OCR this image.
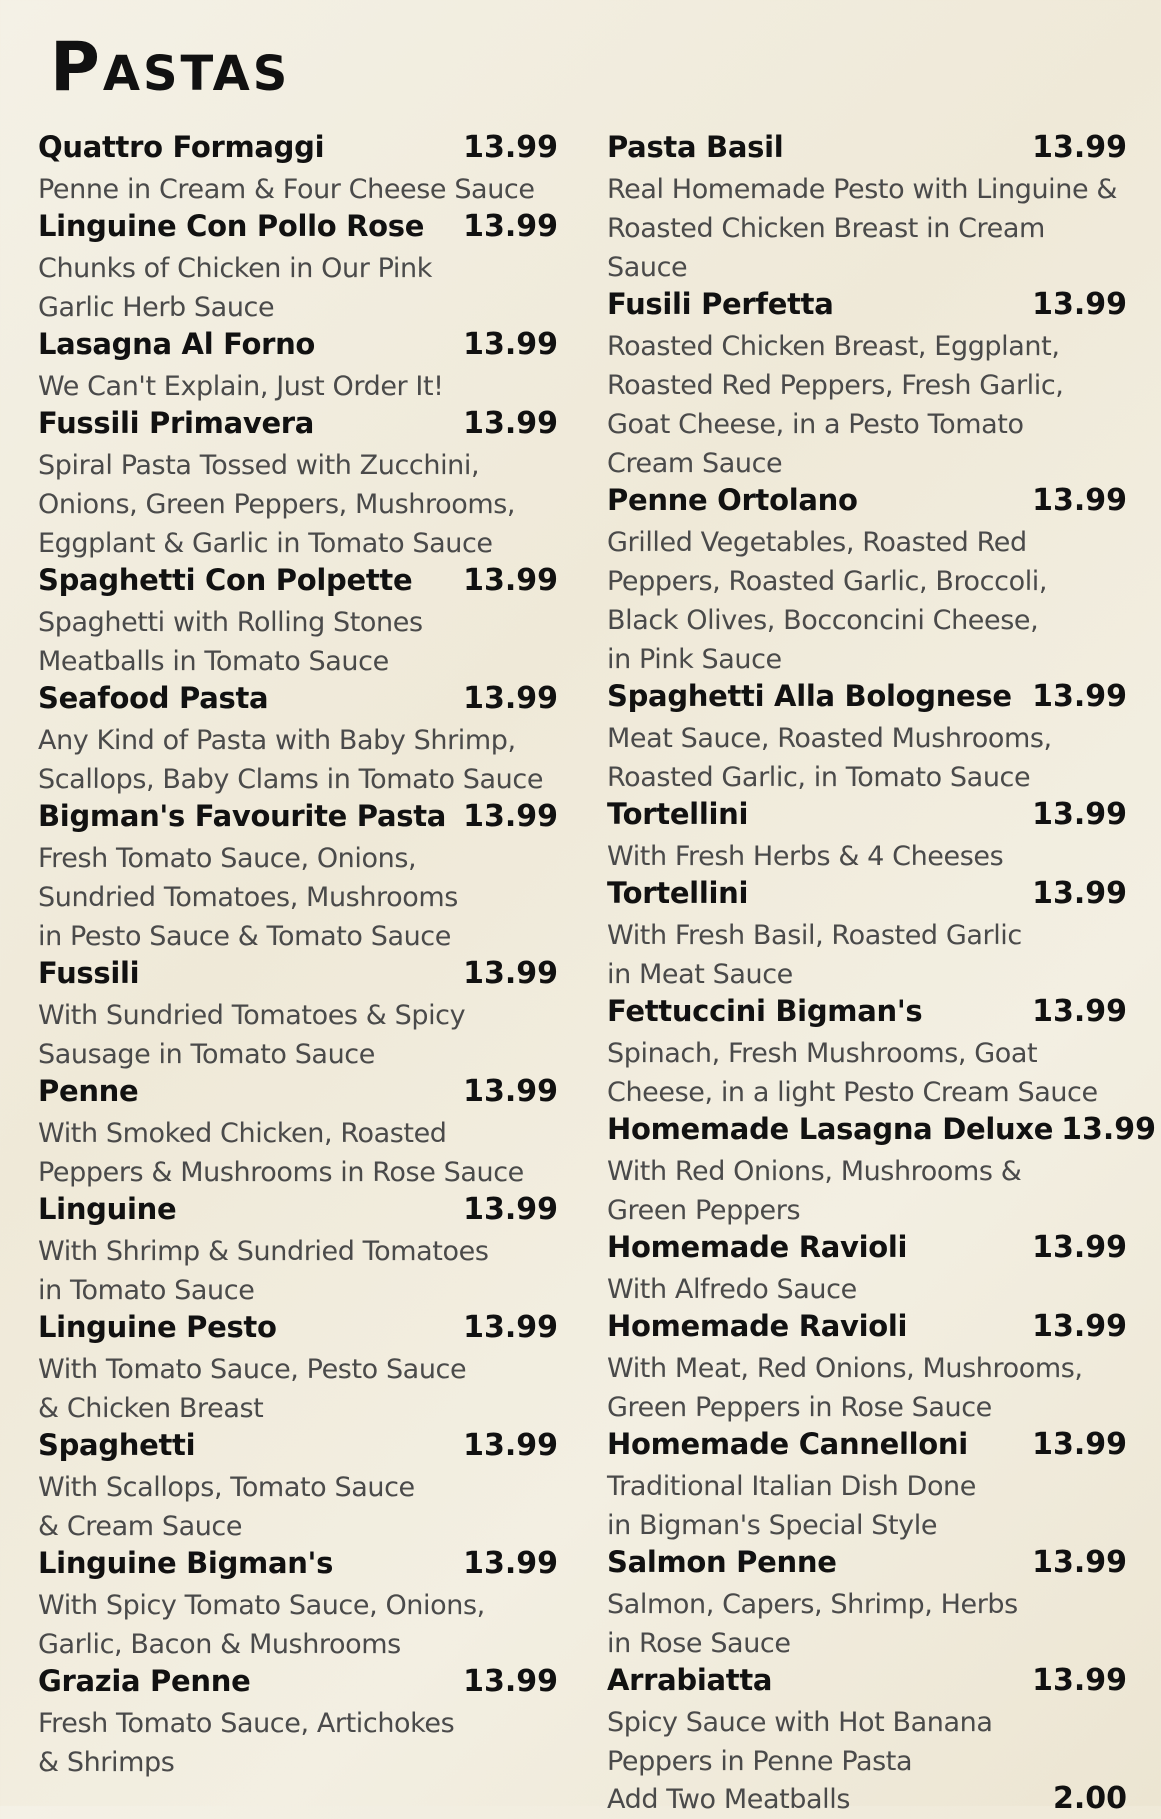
Pastas
Quattro Formaggi	13.99
Penne in Cream & Four Cheese Sauce
Linguine Con Pollo Rose 13.99
Chunks of Chicken in Our Pink
Garlic Herb Sauce
Lasagna Al Forno	13.99
We Can't Explain, Just Order It!
Fussili Primavera	13.99
Spiral Pasta Tossed with Zucchini,
Onions, Green Peppers, Mushrooms,
Eggplant & Garlic in Tomato Sauce
Spaghetti Con Polpette 13.99
Spaghetti with Rolling Stones
Meatballs in Tomato Sauce
Seafood Pasta	13.99
Any Kind of Pasta with Baby Shrimp,
Scallops, Baby Clams in Tomato Sauce
Bigman's Favourite Pasta 13.99
Fresh Tomato Sauce, Onions,
Sundried Tomatoes, Mushrooms
in Pesto Sauce & Tomato Sauce
Fussili	13.99
With Sundried Tomatoes & Spicy
Sausage in Tomato Sauce
Penne	13.99
With Smoked Chicken, Roasted
Peppers & Mushrooms in Rose Sauce
Linguine	13.99
With Shrimp & Sundried Tomatoes
in Tomato Sauce
Linguine Pesto	13.99
With Tomato Sauce, Pesto Sauce
& Chicken Breast
Spaghetti	13.99
With Scallops, Tomato Sauce
& Cream Sauce
Linguine Bigman's	13.99
With Spicy Tomato Sauce, Onions,
Garlic, Bacon & Mushrooms
Grazia Penne	13.99
Fresh Tomato Sauce, Artichokes
& Shrimps
Pasta Basil	13.99
Real Homemade Pesto with Linguine &
Roasted Chicken Breast in Cream Sauce
Fusili Perfetta	13.99
Roasted Chicken Breast, Eggplant,
Roasted Red Peppers, Fresh Garlic,
Goat Cheese, in a Pesto Tomato
Cream Sauce
Penne Ortolano	13.99
Grilled Vegetables, Roasted Red
Peppers, Roasted Garlic, Broccoli,
Black Olives, Bocconcini Cheese,
in Pink Sauce
Spaghetti Alla Bolognese 13.99
Meat Sauce, Roasted Mushrooms,
Roasted Garlic, in Tomato Sauce
Tortellini	13.99
With Fresh Herbs & 4 Cheeses
Tortellini	13.99
With Fresh Basil, Roasted Garlic
in Meat Sauce
Fettuccini Bigman's	13.99
Spinach, Fresh Mushrooms, Goat
Cheese, in a light Pesto Cream Sauce
Homemade Lasagna Deluxe 13.99
With Red Onions, Mushrooms &
Green Peppers
Homemade Ravioli	13.99
With Alfredo Sauce
Homemade Ravioli	13.99
With Meat, Red Onions, Mushrooms,
Green Peppers in Rose Sauce
Homemade Cannelloni 13.99
Traditional Italian Dish Done
in Bigman's Special Style
Salmon Penne	13.99
Salmon, Capers, Shrimp, Herbs
in Rose Sauce
Arrabiatta	13.99
Spicy Sauce with Hot Banana
Peppers in Penne Pasta
Add Two Meatballs	2.00
